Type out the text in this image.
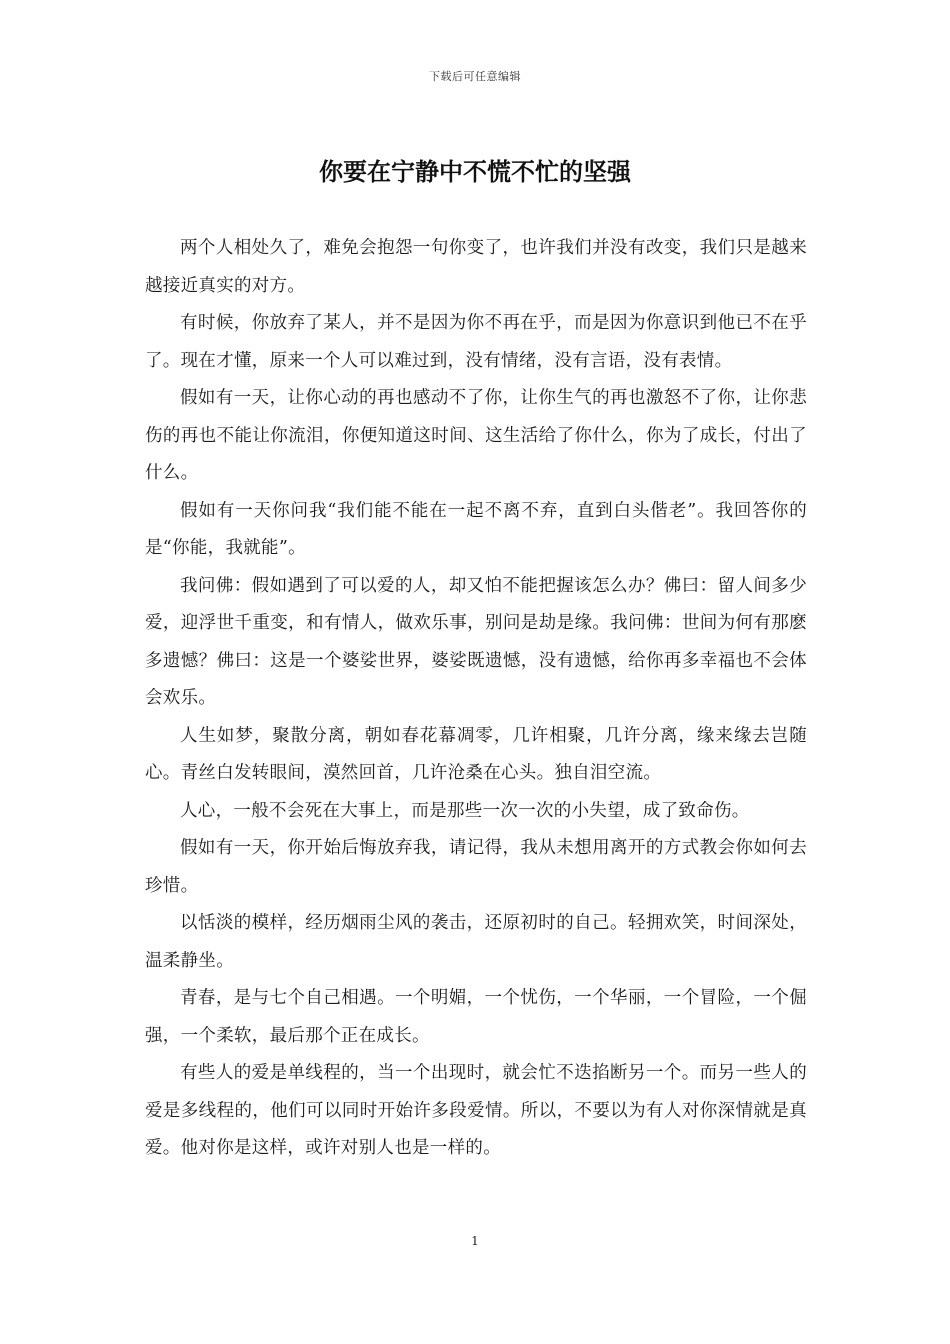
下载后可任意编辑
你要在宁静中不慌不忙的坚强

两个人相处久了，难免会抱怨一句你变了，也许我们并没有改变，我们只是越来越接近真实的对方。

有时候，你放弃了某人，并不是因为你不再在乎，而是因为你意识到他已不在乎了。现在才懂，原来一个人可以难过到，没有情绪，没有言语，没有表情。

假如有一天，让你心动的再也感动不了你，让你生气的再也激怒不了你，让你悲伤的再也不能让你流泪，你便知道这时间、这生活给了你什么，你为了成长，付出了什么。

假如有一天你问我“我们能不能在一起不离不弃，直到白头偕老”。我回答你的是“你能，我就能”。

我问佛：假如遇到了可以爱的人，却又怕不能把握该怎么办？佛曰：留人间多少爱，迎浮世千重变，和有情人，做欢乐事，别问是劫是缘。我问佛：世间为何有那麽多遗憾？佛曰：这是一个婆娑世界，婆娑既遗憾，没有遗憾，给你再多幸福也不会体会欢乐。

人生如梦，聚散分离，朝如春花幕凋零，几许相聚，几许分离，缘来缘去岂随心。青丝白发转眼间，漠然回首，几许沧桑在心头。独自泪空流。

人心，一般不会死在大事上，而是那些一次一次的小失望，成了致命伤。

假如有一天，你开始后悔放弃我，请记得，我从未想用离开的方式教会你如何去珍惜。

以恬淡的模样，经历烟雨尘风的袭击，还原初时的自己。轻拥欢笑，时间深处，温柔静坐。

青春，是与七个自己相遇。一个明媚，一个忧伤，一个华丽，一个冒险，一个倔强，一个柔软，最后那个正在成长。

有些人的爱是单线程的，当一个出现时，就会忙不迭掐断另一个。而另一些人的爱是多线程的，他们可以同时开始许多段爱情。所以，不要以为有人对你深情就是真爱。他对你是这样，或许对别人也是一样的。

1
